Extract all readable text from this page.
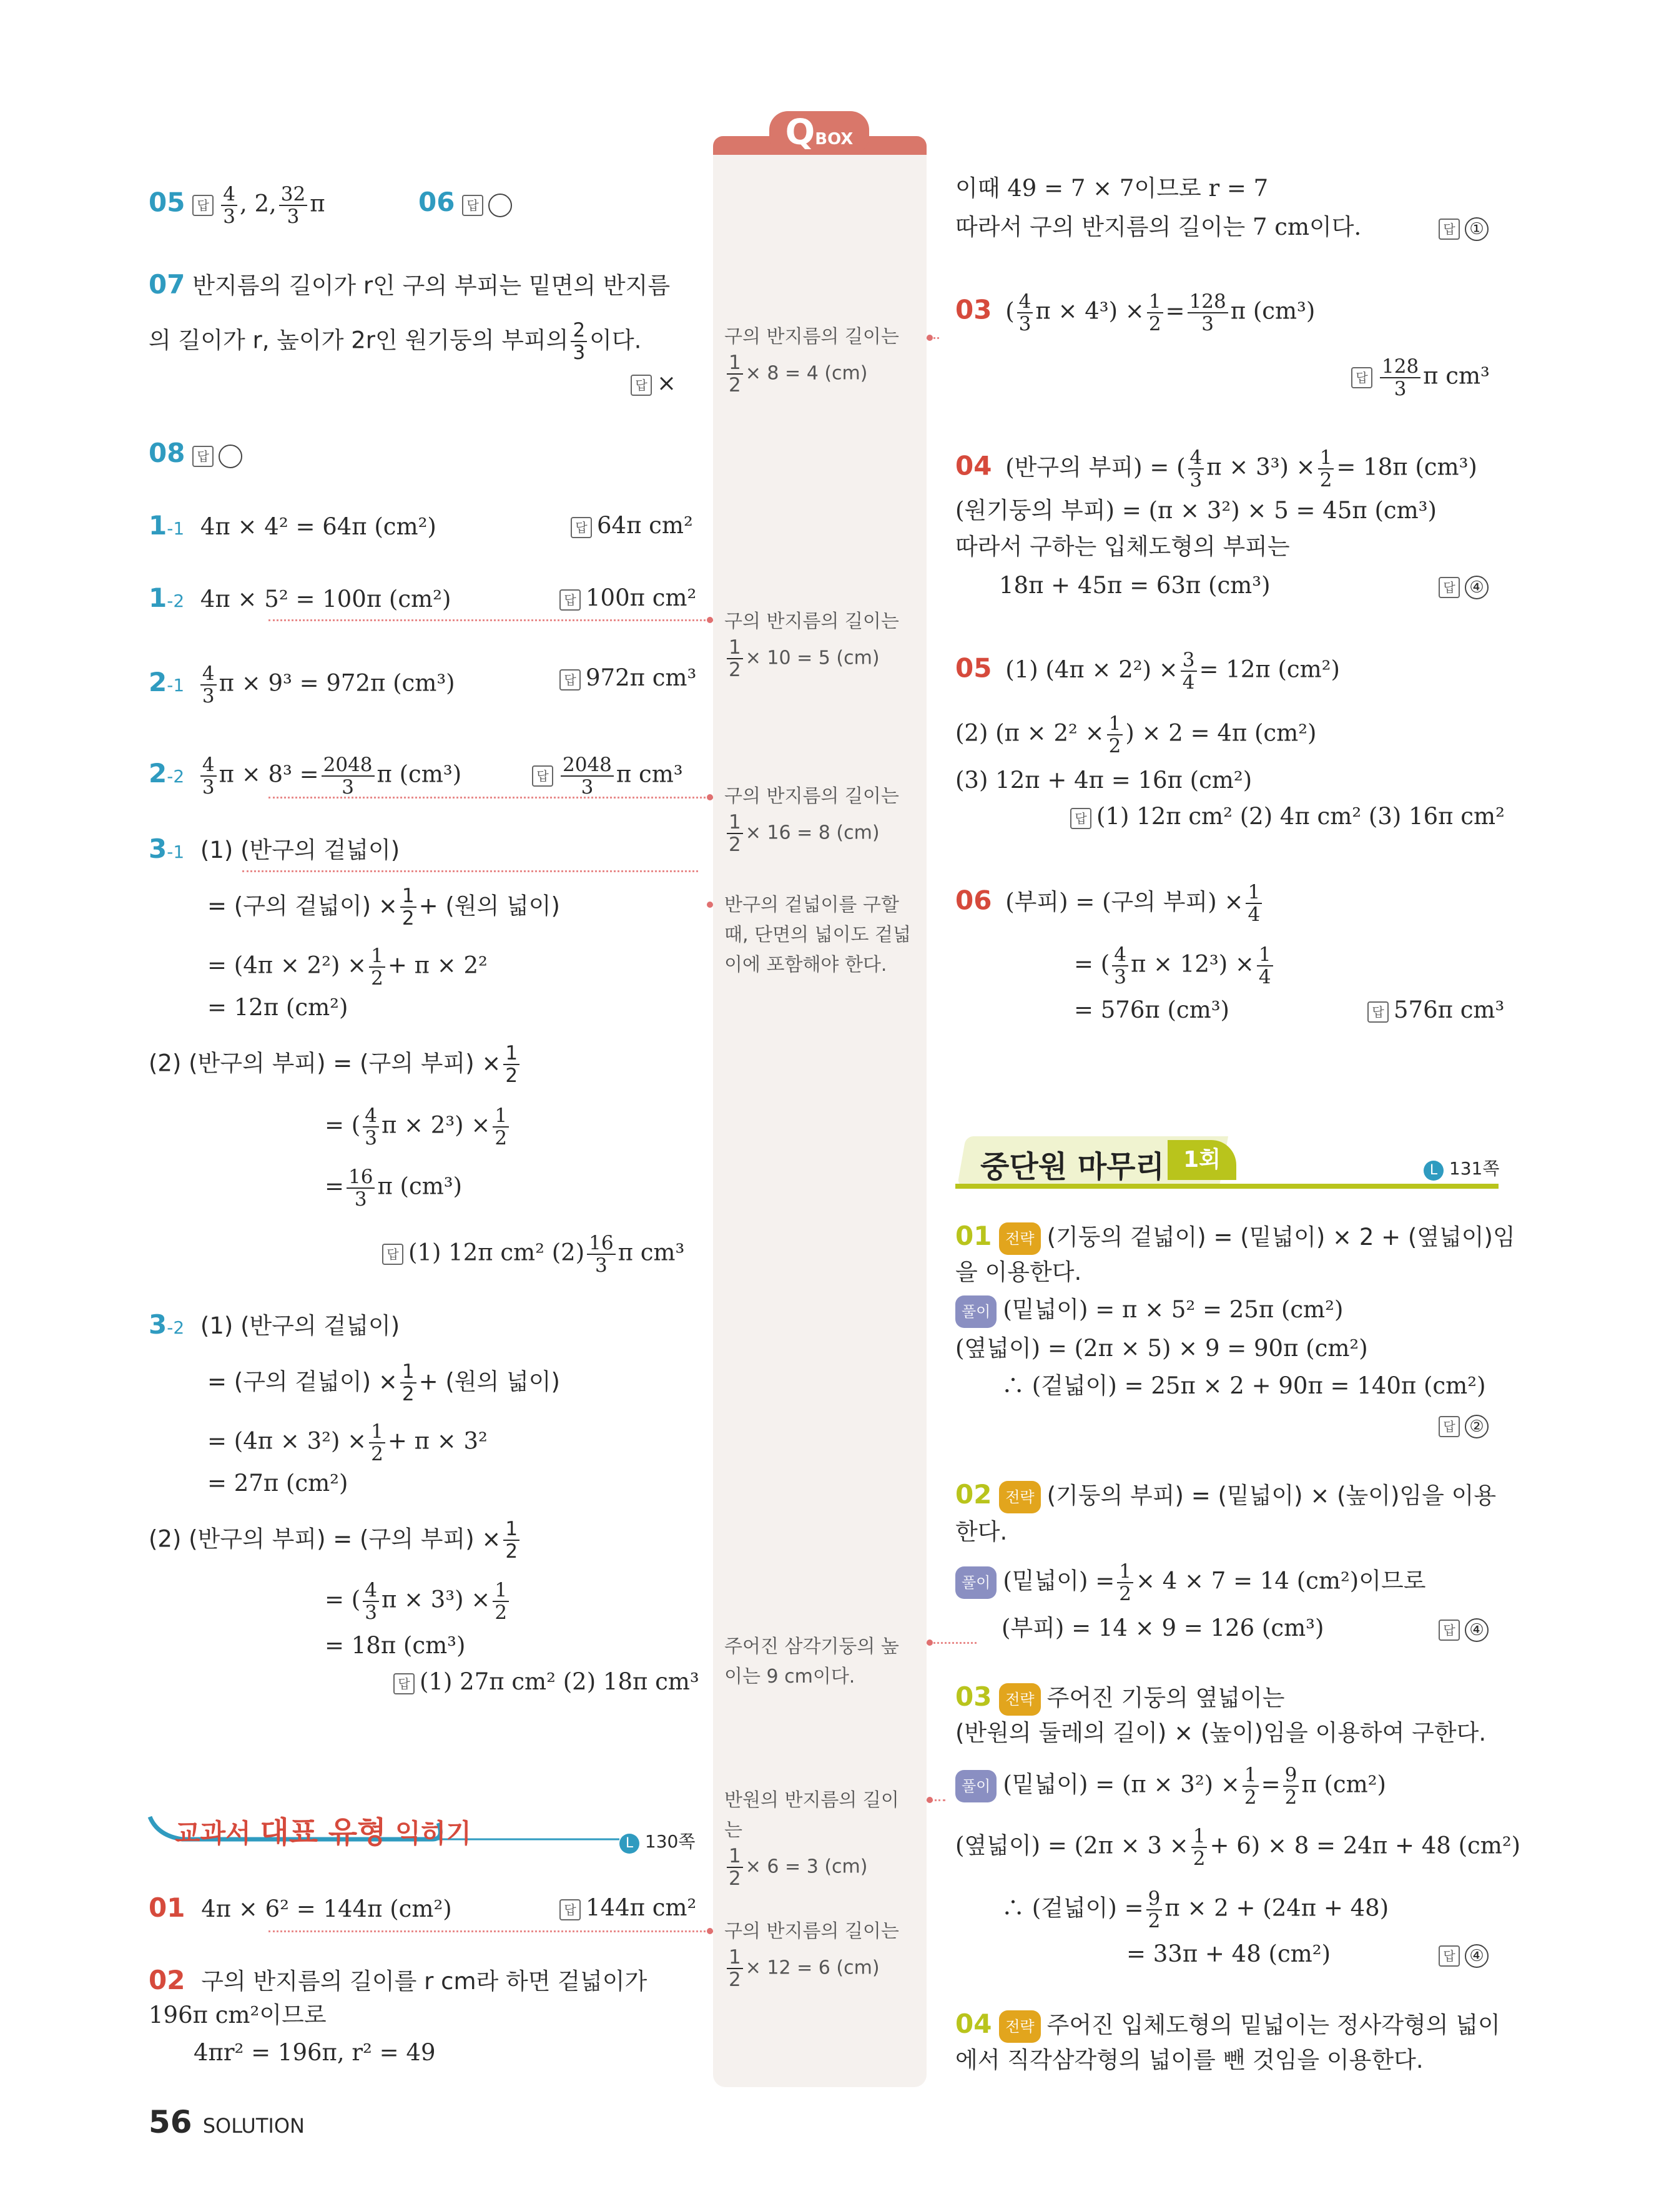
QBOX
05 답 $\frac{4}{3}$ , 2, $\frac{32}{3}$ π	06 답
07 반지름의 길이가 r인 구의 부피는 밑면의 반지름
의 길이가 r, 높이가 2r인 원기둥의 부피의 $\frac{2}{3}$ 이다.
답 ×
08 답
1-1 4π × 4² = 64π (cm²)	답 64π cm²
1-2 4π × 5² = 100π (cm²)	답 100π cm²
$2-1 \frac{4}{3}$ π × 9³ = 972π (cm³)	답 972π cm³
$2-2 \frac{4}{3}$ $\pi \times 8^3 = \frac{2048}{3}$ π (cm³)	답 $\frac{2048}{3}$ π cm³
3-1 (1) (반구의 겉넓이)
= (구의 겉넓이) × $\frac{1}{2}$ + (원의 넓이)
= $(4\pi \times 2^2) \times \frac{1}{2} + \pi \times 2^2$
= 12π (cm²)
(2) (반구의 부피) = (구의 부피) × $\frac{1}{2}$
= ( $\frac{4}{3}$ $\pi \times 2^3) \times \frac{1}{2}$
= $\frac{16}{3}$ π (cm³)
답 (1) 12π cm² $(2) \frac{16}{3}$ π cm³
3-2 (1) (반구의 겉넓이)
= (구의 겉넓이) × $\frac{1}{2}$ + (원의 넓이)
= $(4\pi \times 3^2) \times \frac{1}{2} + \pi \times 3^2$
= 27π (cm²)
(2) (반구의 부피) = (구의 부피) × $\frac{1}{2}$
= ( $\frac{4}{3}$ $\pi \times 3^3) \times \frac{1}{2}$
= 18π (cm³)
답 (1) 27π cm² (2) 18π cm³
교과서 대표 유형 익히기	L 130쪽
01 4π × 6² = 144π (cm²)	답 144π cm²
02 구의 반지름의 길이를 r cm라 하면 겉넓이가
196π cm²이므로
4πr² = 196π, r² = 49
56 SOLUTION
구의 반지름의 길이는
$\frac{1}{2} \times 8 = 4$ (cm)
구의 반지름의 길이는
$\frac{1}{2} \times 10 = 5$ (cm)
구의 반지름의 길이는
$\frac{1}{2} \times 16 = 8$ (cm)
반구의 겉넓이를 구할
때, 단면의 넓이도 겉넓
이에 포함해야 한다.
주어진 삼각기둥의 높
이는 9 cm이다.
반원의 반지름의 길이
는
$\frac{1}{2} \times 6 = 3$ (cm)
구의 반지름의 길이는
$\frac{1}{2} \times 12 = 6$ (cm)
이때 49 = 7 × 7이므로 r = 7
따라서 구의 반지름의 길이는 7 cm이다.	답 ①
03 ( $\frac{4}{3}$ $\pi \times 4^3) \times \frac{1}{2} = \frac{128}{3}$ π (cm³)
답 $\frac{128}{3}$ π cm³
04 (반구의 부피) = ( $\frac{4}{3}$ $\pi \times 3^3) \times \frac{1}{2} = 18\pi$ (cm³)
(원기둥의 부피) = (π × 3²) × 5 = 45π (cm³)
따라서 구하는 입체도형의 부피는
18π + 45π = 63π (cm³)	답 ④
05 (1) $(4\pi \times 2^2) \times \frac{3}{4} = 12\pi$ (cm²)
(2) ($\pi \times 2^2 \times \frac{1}{2}$ ) × 2 = 4π (cm²)
(3) 12π + 4π = 16π (cm²)
답 (1) 12π cm² (2) 4π cm² (3) 16π cm²
06 (부피) = (구의 부피) × $\frac{1}{4}$
= ( $\frac{4}{3}$ $\pi \times 12^3) \times \frac{1}{4}$
= 576π (cm³)	답 576π cm³
중단원 마무리 1회	L 131쪽
01 전략 (기둥의 겉넓이) = (밑넓이) × 2 + (옆넓이)임
을 이용한다.
풀이 (밑넓이) = π × 5² = 25π (cm²)
(옆넓이) = (2π × 5) × 9 = 90π (cm²)
∴ (겉넓이) = 25π × 2 + 90π = 140π (cm²)
답 ②
02 전략 (기둥의 부피) = (밑넓이) × (높이)임을 이용
한다.
풀이 (밑넓이) = $\frac{1}{2} \times 4 \times 7 = 14$ (cm²)이므로
(부피) = 14 × 9 = 126 (cm³)	답 ④
03 전략 주어진 기둥의 옆넓이는
(반원의 둘레의 길이) × (높이)임을 이용하여 구한다.
풀이 (밑넓이) = $(\pi \times 3^2) \times \frac{1}{2} = \frac{9}{2}$ π (cm²)
(옆넓이) = $(2\pi \times 3 \times \frac{1}{2} + 6) \times 8 = 24\pi + 48$ (cm²)
∴ (겉넓이) = $\frac{9}{2}$ π × 2 + (24π + 48)
= 33π + 48 (cm²)	답 ④
04 전략 주어진 입체도형의 밑넓이는 정사각형의 넓이
에서 직각삼각형의 넓이를 뺀 것임을 이용한다.
